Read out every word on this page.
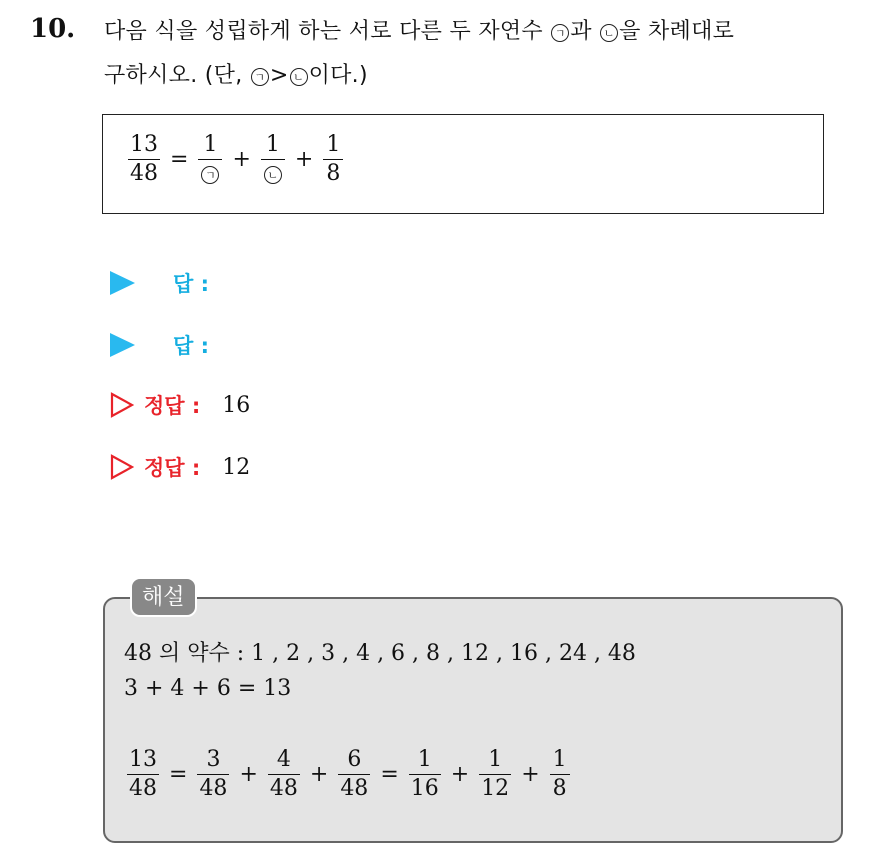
10. 다음 식을 성립하게 하는 서로 다른 두 자연수 ㄱ 과 ㄴ 을 차례대로
구하시오. (단, ㄱ > ㄴ 이다.)
$\frac{13}{48} = \frac{1}{\text{ㄱ}} + \frac{1}{\text{ㄴ}} + \frac{1}{8}$
답 :
답 :
정답 : 16
정답 : 12
해설
48 의 약수 : 1 , 2 , 3 , 4 , 6 , 8 , 12 , 16 , 24 , 48
3 + 4 + 6 = 13
$\frac{13}{48} = \frac{3}{48} + \frac{4}{48} + \frac{6}{48} = \frac{1}{16} + \frac{1}{12} + \frac{1}{8}$
